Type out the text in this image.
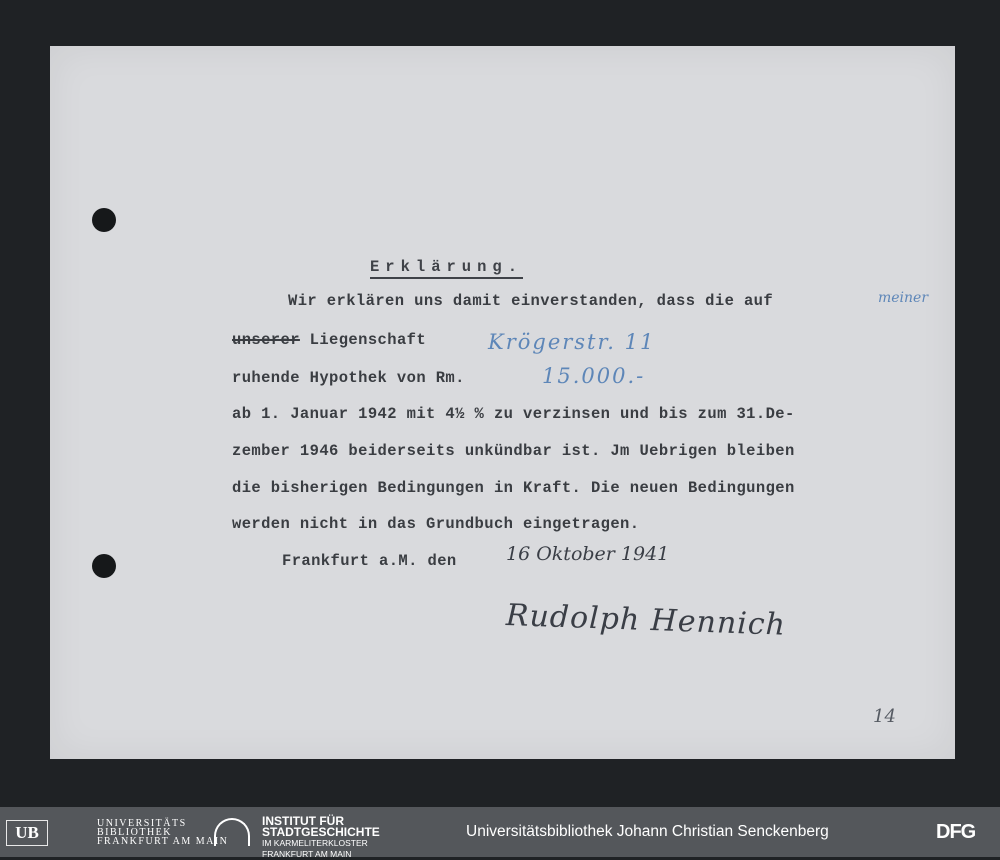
Erklärung.
Wir erklären uns damit einverstanden, dass die auf	meiner
unserer Liegenschaft	Krögerstr. 11
ruhende Hypothek von Rm.	15.000.-
ab 1. Januar 1942 mit 4½ % zu verzinsen und bis zum 31.De-
zember 1946 beiderseits unkündbar ist. Jm Uebrigen bleiben
die bisherigen Bedingungen in Kraft. Die neuen Bedingungen
werden nicht in das Grundbuch eingetragen.
Frankfurt a.M. den	16 Oktober 1941
Rudolph Hennich
14
UB	UNIVERSITÄTS
BIBLIOTHEK
FRANKFURT AM MAIN
INSTITUT FÜR
STADTGESCHICHTE
IM KARMELITERKLOSTER
FRANKFURT AM MAIN
Universitätsbibliothek Johann Christian Senckenberg	DFG
